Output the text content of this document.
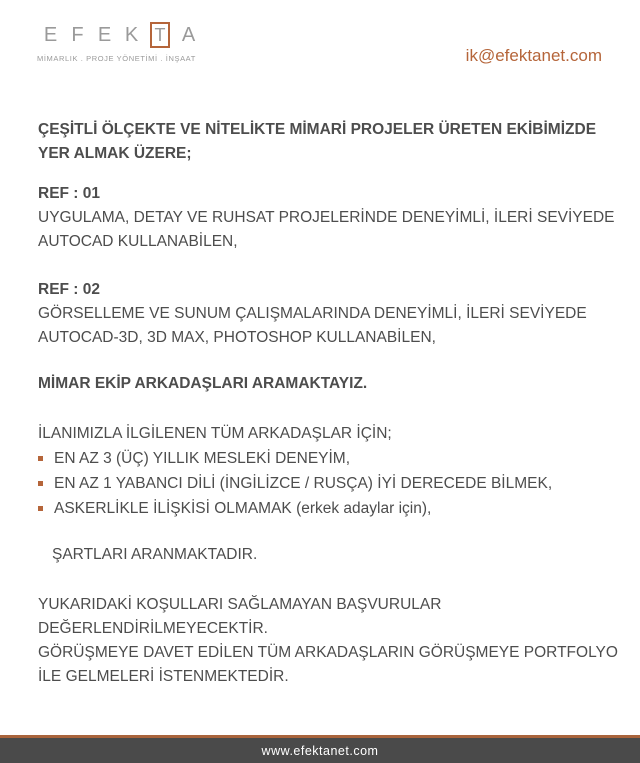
E F E K T A
MİMARLIK . PROJE YÖNETİMİ . İNŞAAT	ik@efektanet.com

ÇEŞİTLİ ÖLÇEKTE VE NİTELİKTE MİMARİ PROJELER ÜRETEN EKİBİMİZDE YER ALMAK ÜZERE;

REF : 01

UYGULAMA, DETAY VE RUHSAT PROJELERİNDE DENEYİMLİ, İLERİ SEVİYEDE AUTOCAD KULLANABİLEN,

REF : 02

GÖRSELLEME VE SUNUM ÇALIŞMALARINDA DENEYİMLİ, İLERİ SEVİYEDE AUTOCAD-3D, 3D MAX, PHOTOSHOP KULLANABİLEN,

MİMAR EKİP ARKADAŞLARI ARAMAKTAYIZ.

İLANIMIZLA İLGİLENEN TÜM ARKADAŞLAR İÇİN;

EN AZ 3 (ÜÇ) YILLIK MESLEKİ DENEYİM,
EN AZ 1 YABANCI DİLİ (İNGİLİZCE / RUSÇA) İYİ DERECEDE BİLMEK,
ASKERLİKLE İLİŞKİSİ OLMAMAK (erkek adaylar için),

ŞARTLARI ARANMAKTADIR.

YUKARIDAKİ KOŞULLARI SAĞLAMAYAN BAŞVURULAR DEĞERLENDİRİLMEYECEKTİR.

GÖRÜŞMEYE DAVET EDİLEN TÜM ARKADAŞLARIN GÖRÜŞMEYE PORTFOLYO İLE GELMELERİ İSTENMEKTEDİR.

www.efektanet.com
